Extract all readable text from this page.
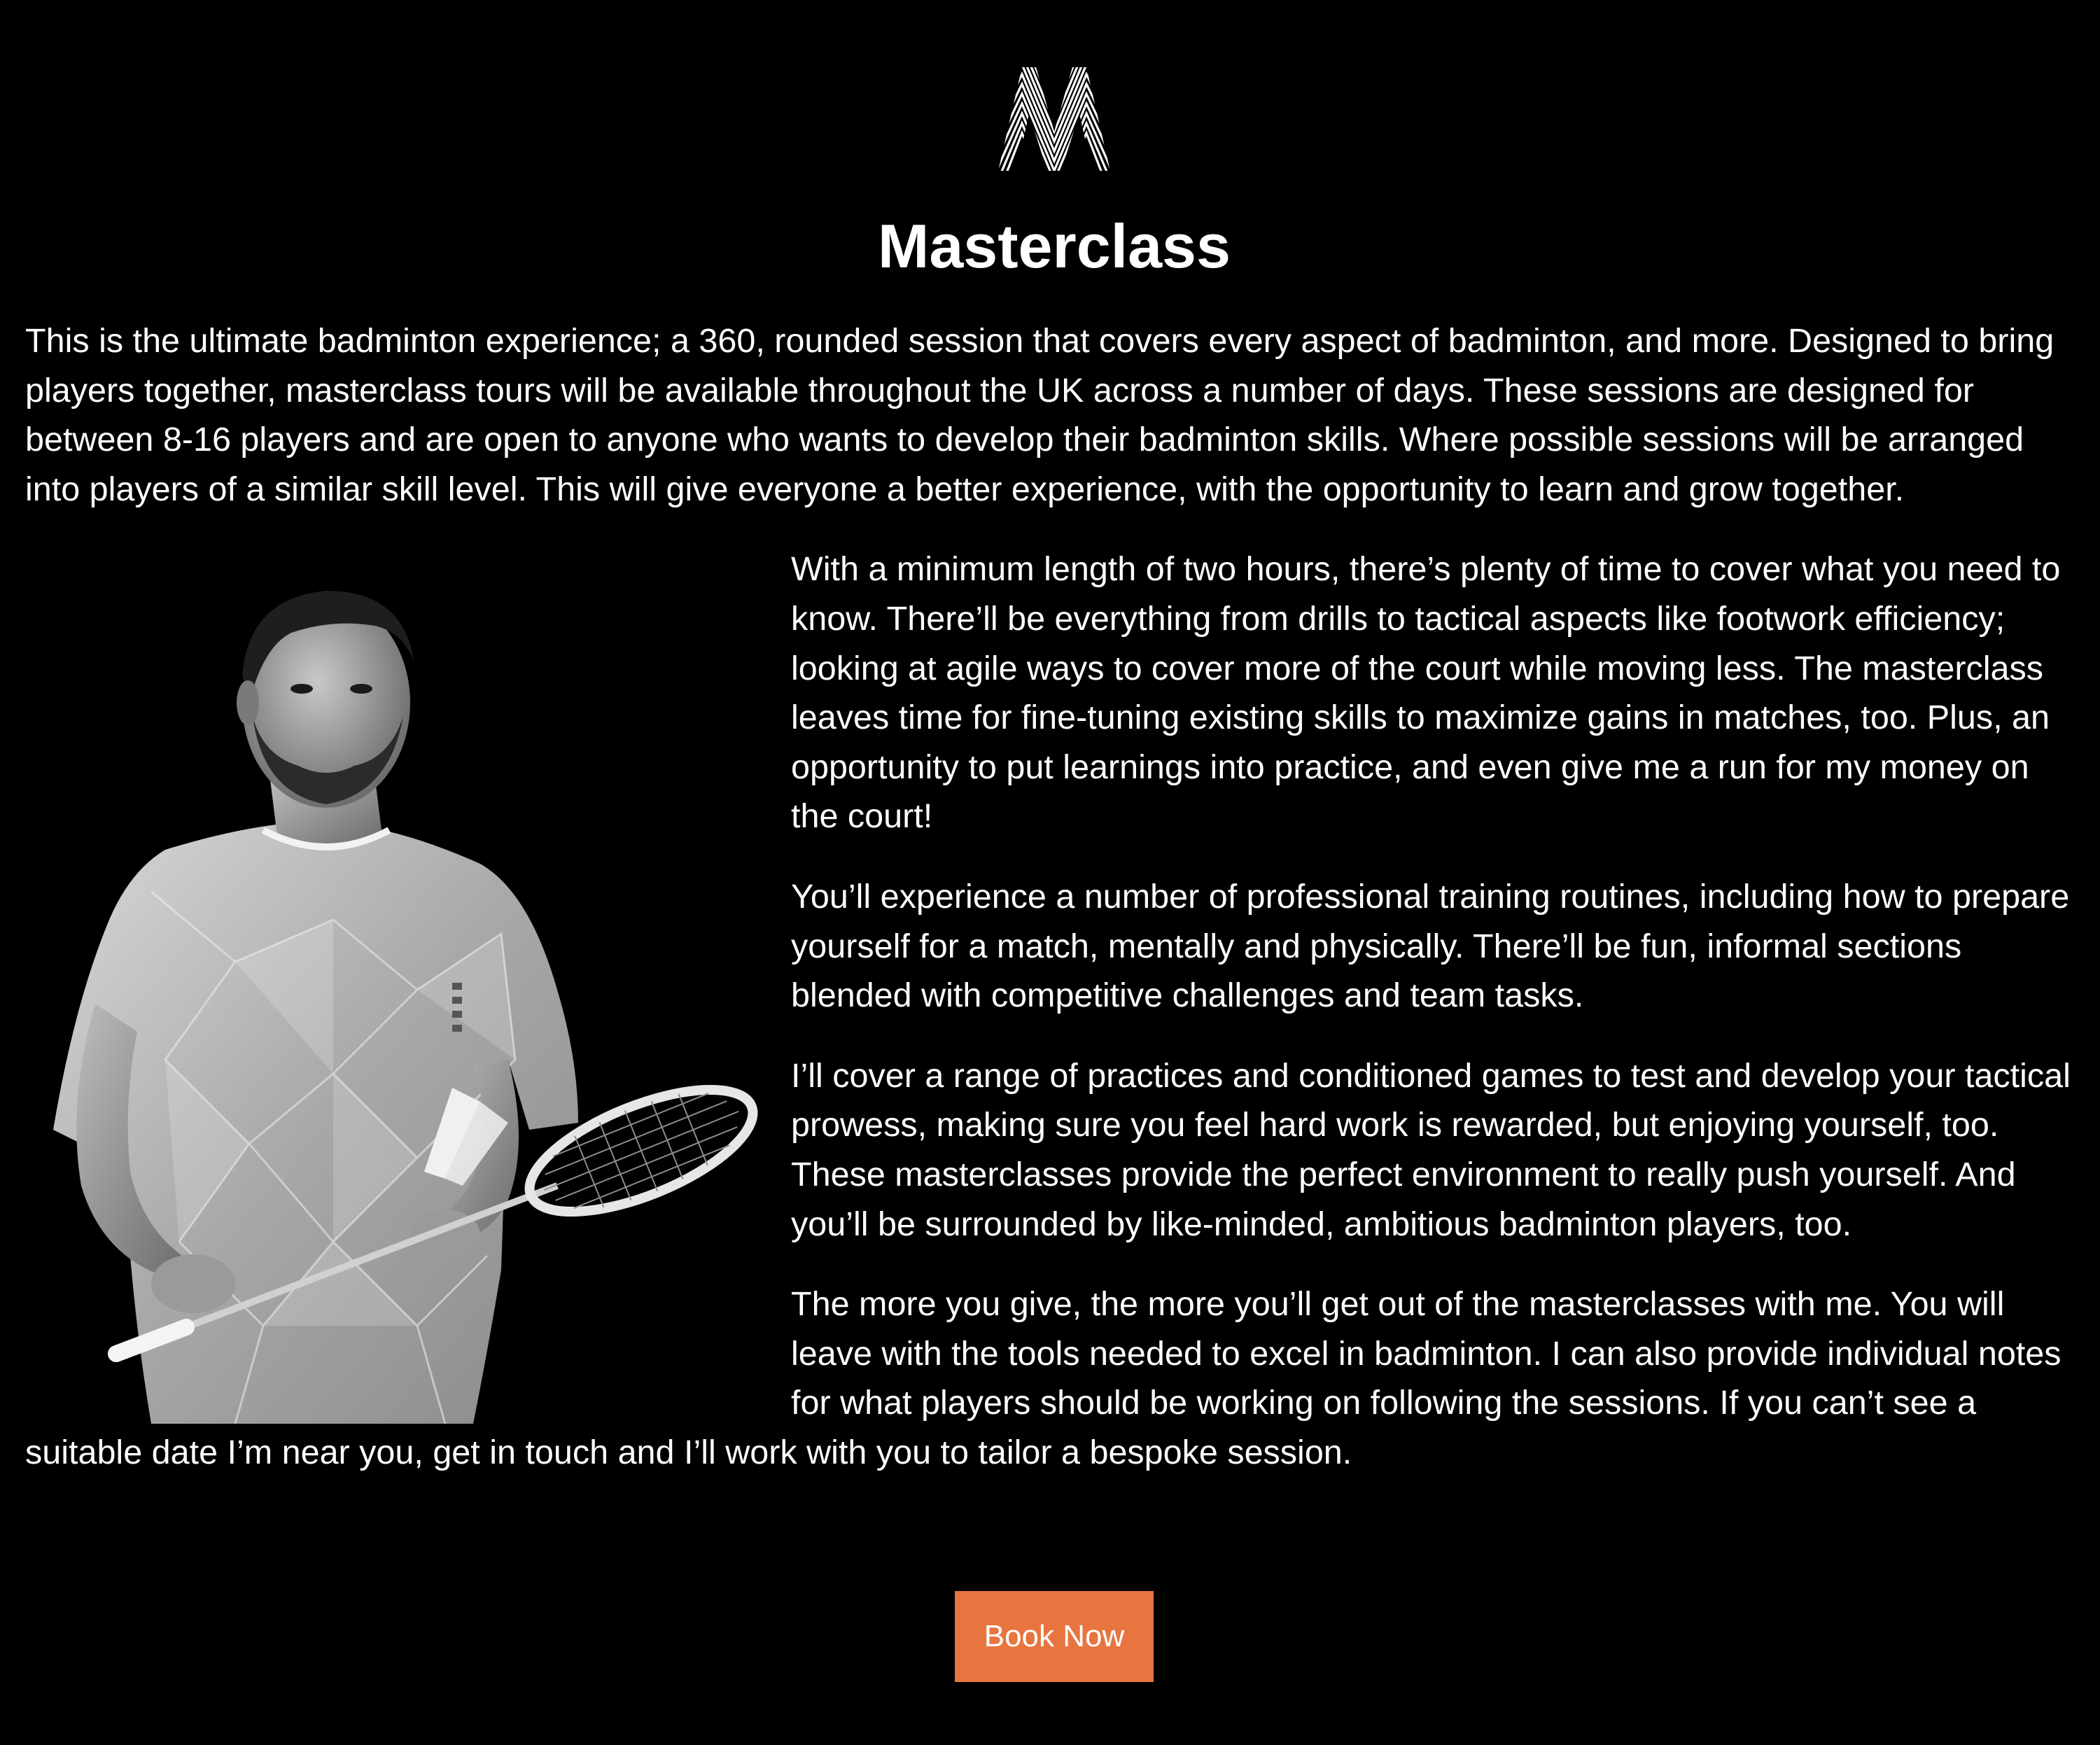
Masterclass

This is the ultimate badminton experience; a 360, rounded session that covers every aspect of badminton, and more. Designed to bring players together, masterclass tours will be available throughout the UK across a number of days. These sessions are designed for between 8-16 players and are open to anyone who wants to develop their badminton skills. Where possible sessions will be arranged into players of a similar skill level. This will give everyone a better experience, with the opportunity to learn and grow together.

With a minimum length of two hours, there’s plenty of time to cover what you need to know. There’ll be everything from drills to tactical aspects like footwork efficiency; looking at agile ways to cover more of the court while moving less. The masterclass leaves time for fine-tuning existing skills to maximize gains in matches, too. Plus, an opportunity to put learnings into practice, and even give me a run for my money on the court!

You’ll experience a number of professional training routines, including how to prepare yourself for a match, mentally and physically. There’ll be fun, informal sections blended with competitive challenges and team tasks.

I’ll cover a range of practices and conditioned games to test and develop your tactical prowess, making sure you feel hard work is rewarded, but enjoying yourself, too. These masterclasses provide the perfect environment to really push yourself. And you’ll be surrounded by like-minded, ambitious badminton players, too.

The more you give, the more you’ll get out of the masterclasses with me. You will leave with the tools needed to excel in badminton. I can also provide individual notes for what players should be working on following the sessions. If you can’t see a suitable date I’m near you, get in touch and I’ll work with you to tailor a bespoke session.

Book Now
